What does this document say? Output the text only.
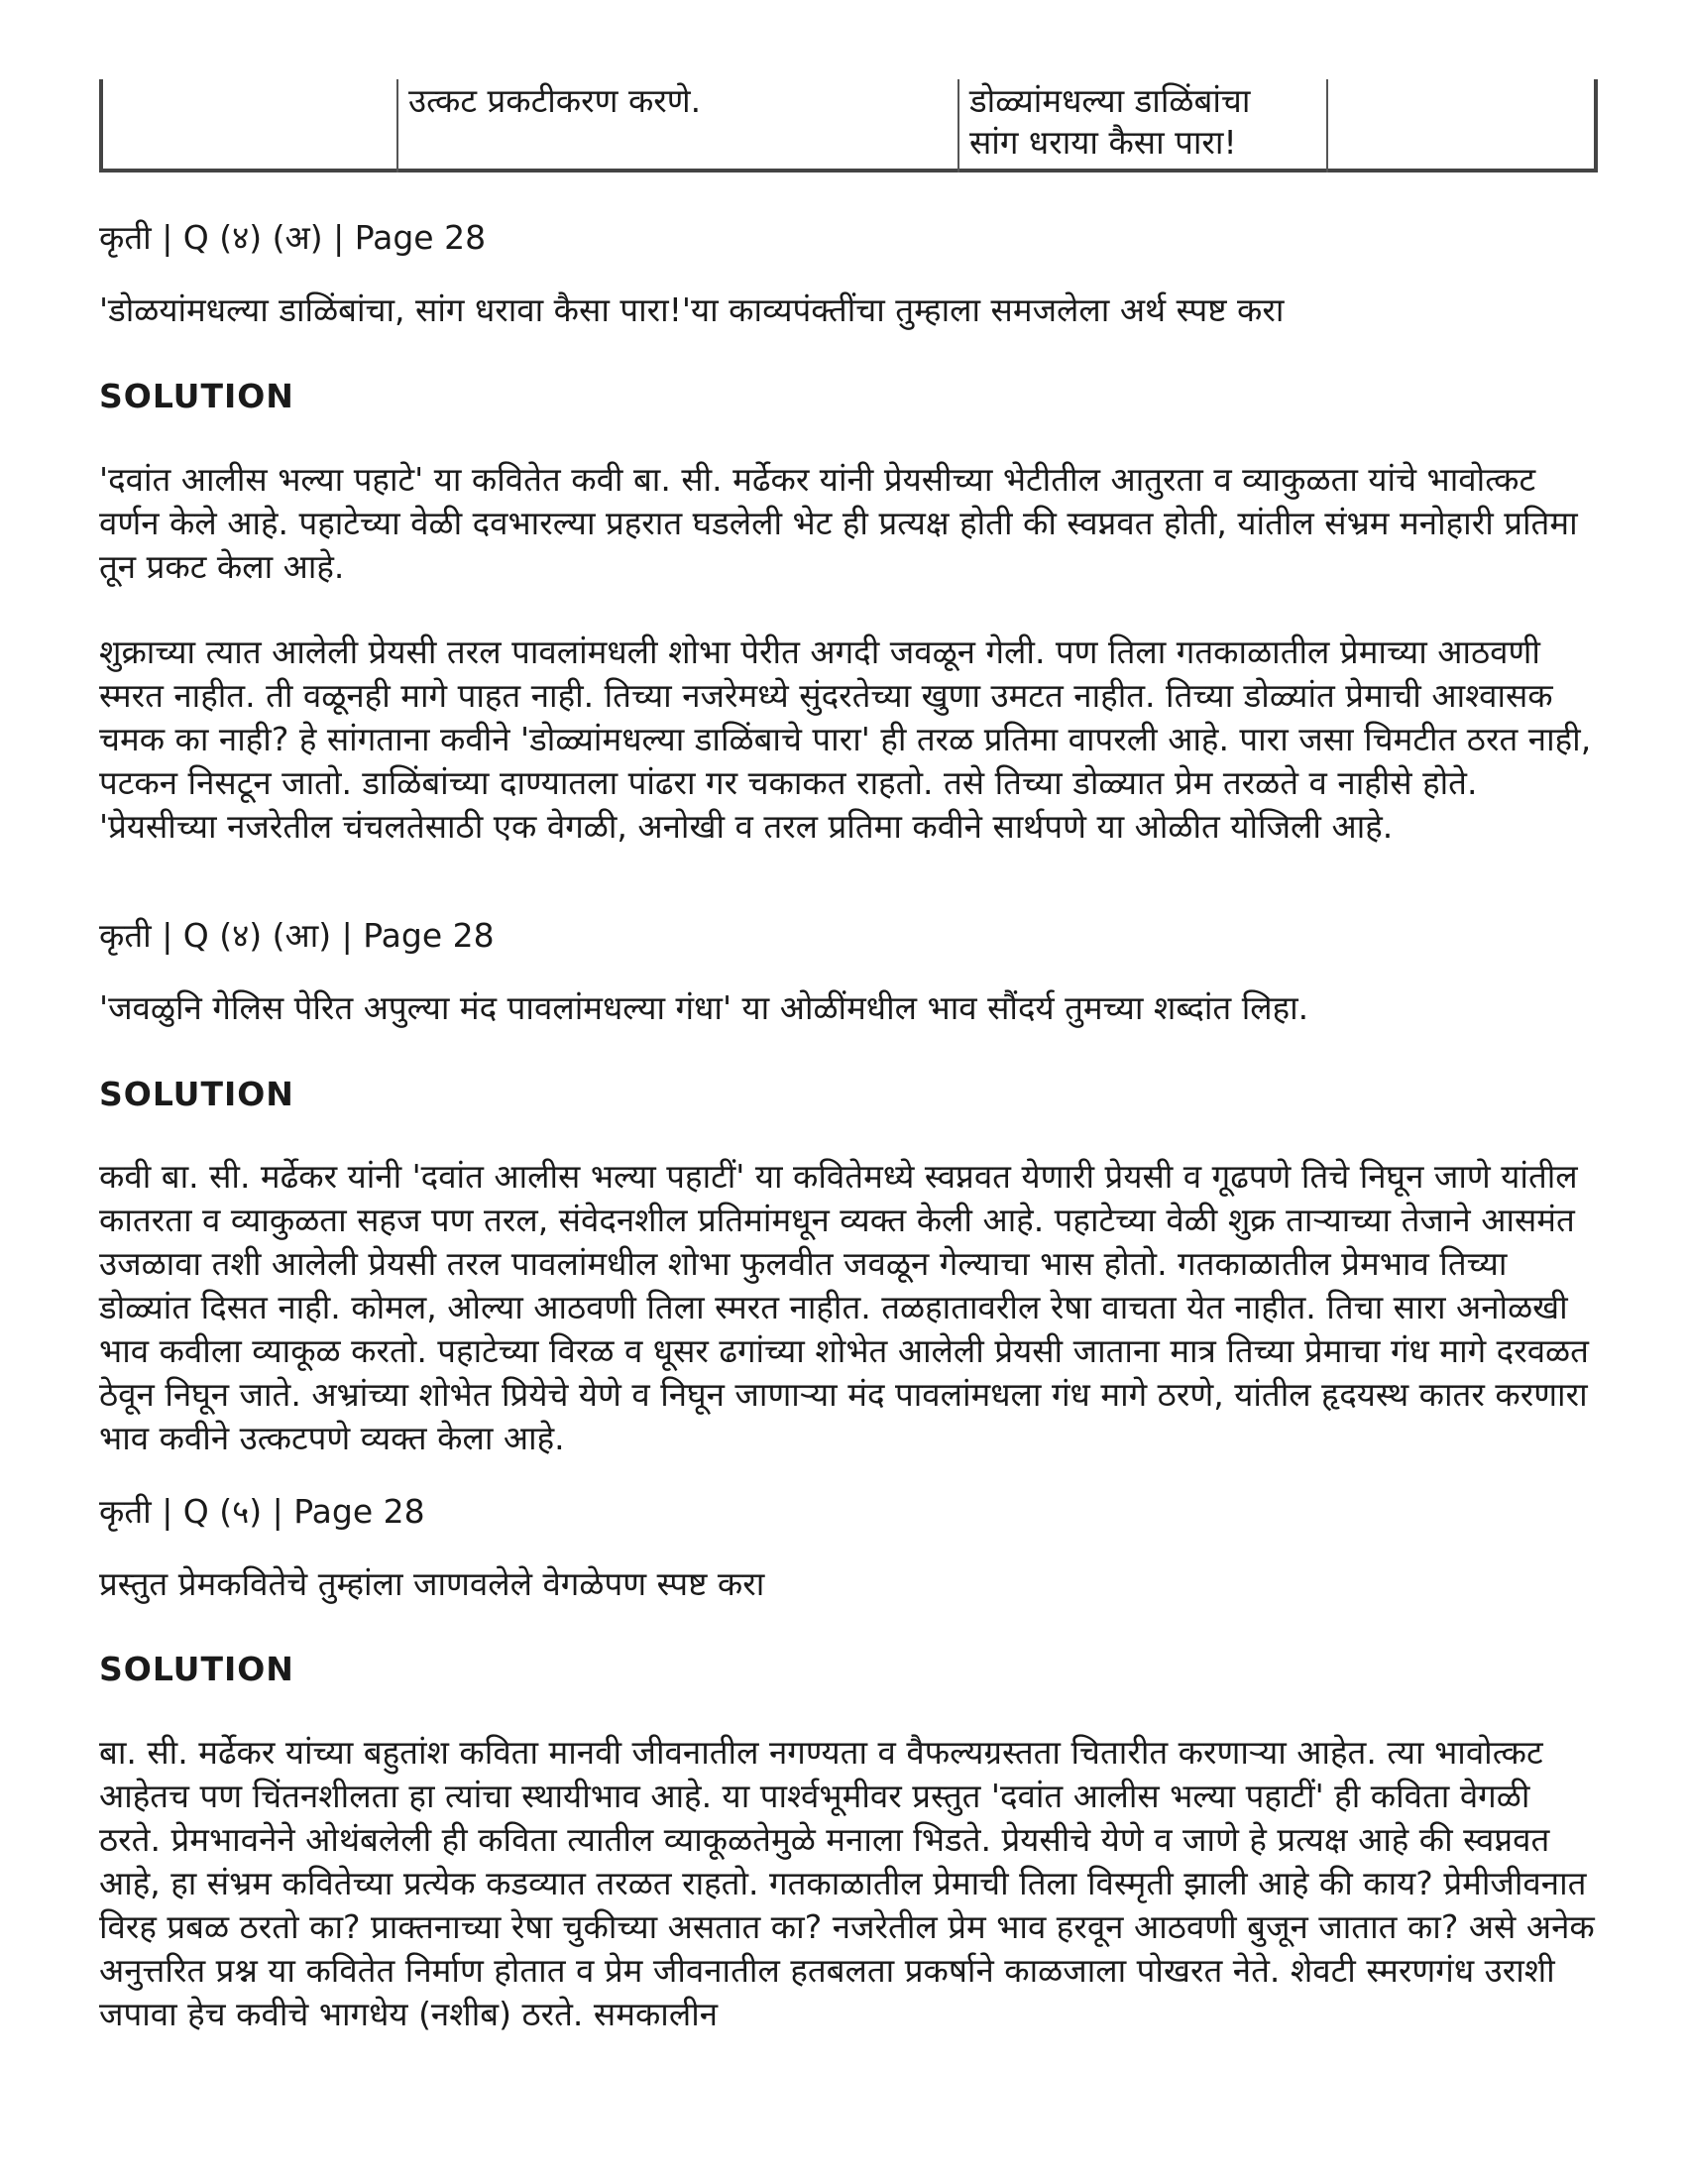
उत्कट प्रकटीकरण करणे.	डोळ्यांमधल्या डाळिंबांचा
सांग धराया कैसा पारा!
कृती | Q (४) (अ) | Page 28
'डोळयांमधल्या डाळिंबांचा, सांग धरावा कैसा पारा!'या काव्यपंक्तींचा तुम्हाला समजलेला अर्थ स्पष्ट करा
SOLUTION
'दवांत आलीस भल्या पहाटे' या कवितेत कवी बा. सी. मर्ढेकर यांनी प्रेयसीच्या भेटीतील आतुरता व व्याकुळता यांचे भावोत्कट वर्णन केले आहे. पहाटेच्या वेळी दवभारल्या प्रहरात घडलेली भेट ही प्रत्यक्ष होती की स्वप्नवत होती, यांतील संभ्रम मनोहारी प्रतिमा तून प्रकट केला आहे.
शुक्राच्या त्यात आलेली प्रेयसी तरल पावलांमधली शोभा पेरीत अगदी जवळून गेली. पण तिला गतकाळातील प्रेमाच्या आठवणी स्मरत नाहीत. ती वळूनही मागे पाहत नाही. तिच्या नजरेमध्ये सुंदरतेच्या खुणा उमटत नाहीत. तिच्या डोळ्यांत प्रेमाची आश्वासक चमक का नाही? हे सांगताना कवीने 'डोळ्यांमधल्या डाळिंबाचे पारा' ही तरळ प्रतिमा वापरली आहे. पारा जसा चिमटीत ठरत नाही, पटकन निसटून जातो. डाळिंबांच्या दाण्यातला पांढरा गर चकाकत राहतो. तसे तिच्या डोळ्यात प्रेम तरळते व नाहीसे होते. 'प्रेयसीच्या नजरेतील चंचलतेसाठी एक वेगळी, अनोखी व तरल प्रतिमा कवीने सार्थपणे या ओळीत योजिली आहे.
कृती | Q (४) (आ) | Page 28
'जवळुनि गेलिस पेरित अपुल्या मंद पावलांमधल्या गंधा' या ओळींमधील भाव सौंदर्य तुमच्या शब्दांत लिहा.
SOLUTION
कवी बा. सी. मर्ढेकर यांनी 'दवांत आलीस भल्या पहाटीं' या कवितेमध्ये स्वप्नवत येणारी प्रेयसी व गूढपणे तिचे निघून जाणे यांतील कातरता व व्याकुळता सहज पण तरल, संवेदनशील प्रतिमांमधून व्यक्त केली आहे. पहाटेच्या वेळी शुक्र ताऱ्याच्या तेजाने आसमंत उजळावा तशी आलेली प्रेयसी तरल पावलांमधील शोभा फुलवीत जवळून गेल्याचा भास होतो. गतकाळातील प्रेमभाव तिच्या डोळ्यांत दिसत नाही. कोमल, ओल्या आठवणी तिला स्मरत नाहीत. तळहातावरील रेषा वाचता येत नाहीत. तिचा सारा अनोळखी भाव कवीला व्याकूळ करतो. पहाटेच्या विरळ व धूसर ढगांच्या शोभेत आलेली प्रेयसी जाताना मात्र तिच्या प्रेमाचा गंध मागे दरवळत ठेवून निघून जाते. अभ्रांच्या शोभेत प्रियेचे येणे व निघून जाणाऱ्या मंद पावलांमधला गंध मागे ठरणे, यांतील हृदयस्थ कातर करणारा भाव कवीने उत्कटपणे व्यक्त केला आहे.
कृती | Q (५) | Page 28
प्रस्तुत प्रेमकवितेचे तुम्हांला जाणवलेले वेगळेपण स्पष्ट करा
SOLUTION
बा. सी. मर्ढेकर यांच्या बहुतांश कविता मानवी जीवनातील नगण्यता व वैफल्यग्रस्तता चितारीत करणाऱ्या आहेत. त्या भावोत्कट आहेतच पण चिंतनशीलता हा त्यांचा स्थायीभाव आहे. या पार्श्वभूमीवर प्रस्तुत 'दवांत आलीस भल्या पहाटीं' ही कविता वेगळी ठरते. प्रेमभावनेने ओथंबलेली ही कविता त्यातील व्याकूळतेमुळे मनाला भिडते. प्रेयसीचे येणे व जाणे हे प्रत्यक्ष आहे की स्वप्नवत आहे, हा संभ्रम कवितेच्या प्रत्येक कडव्यात तरळत राहतो. गतकाळातील प्रेमाची तिला विस्मृती झाली आहे की काय? प्रेमीजीवनात विरह प्रबळ ठरतो का? प्राक्तनाच्या रेषा चुकीच्या असतात का? नजरेतील प्रेम भाव हरवून आठवणी बुजून जातात का? असे अनेक अनुत्तरित प्रश्न या कवितेत निर्माण होतात व प्रेम जीवनातील हतबलता प्रकर्षाने काळजाला पोखरत नेते. शेवटी स्मरणगंध उराशी जपावा हेच कवीचे भागधेय (नशीब) ठरते. समकालीन
